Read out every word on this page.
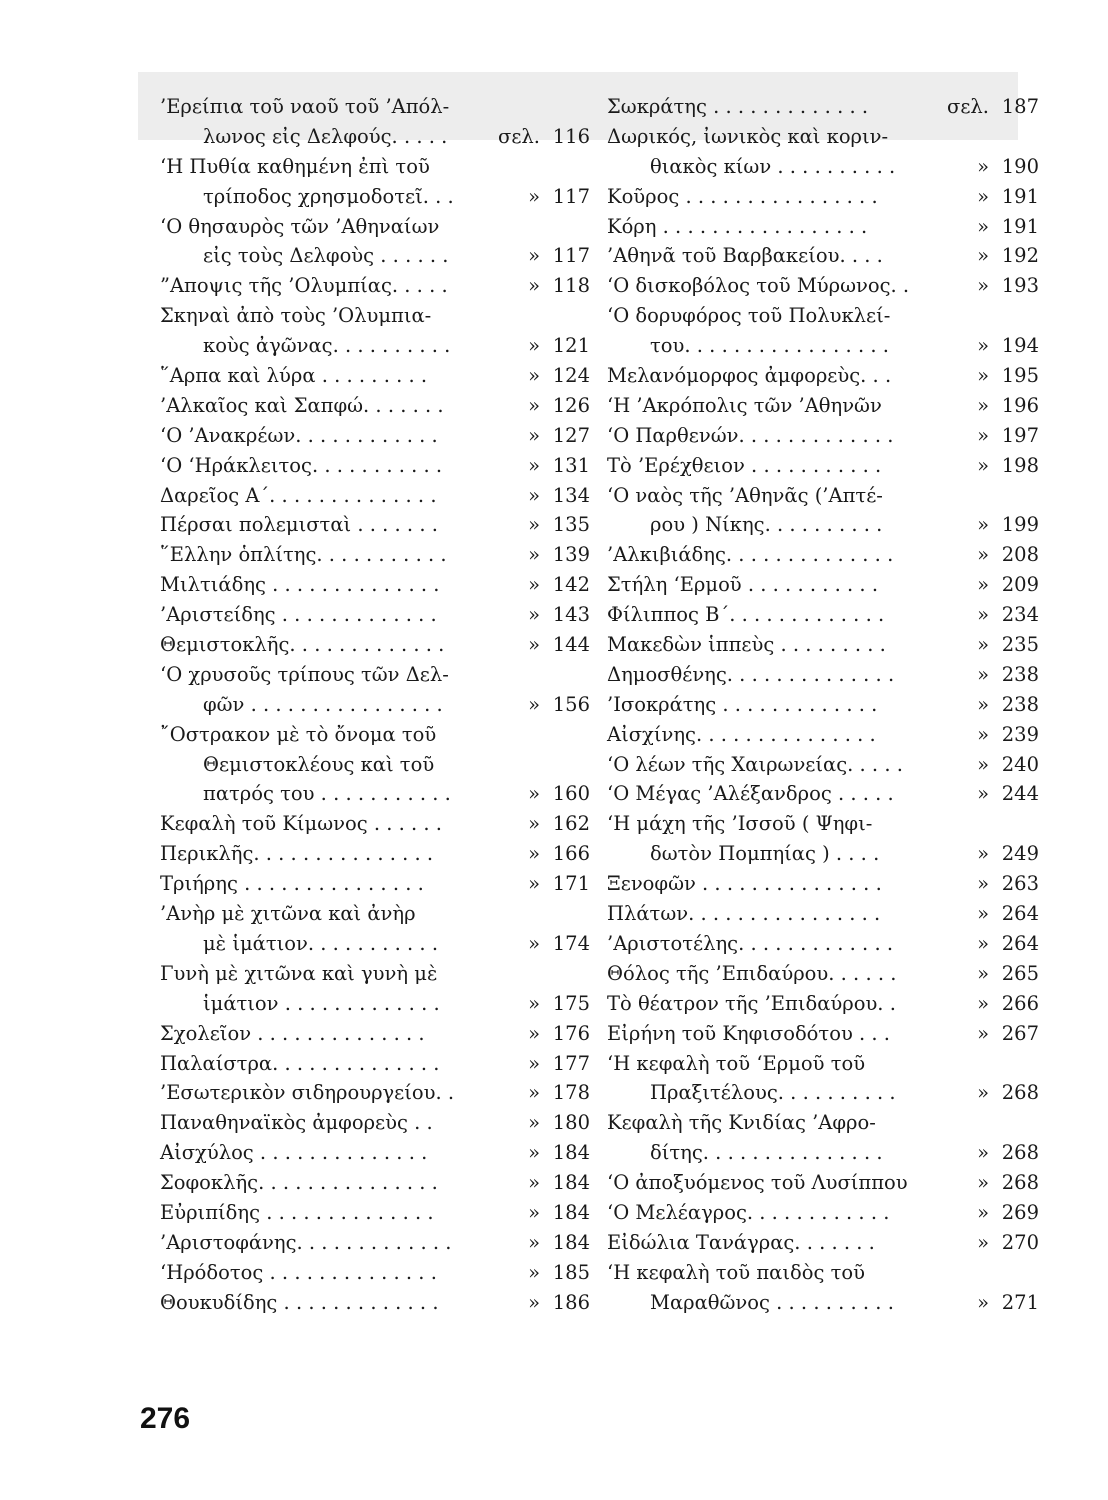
’Ερείπια τοῦ ναοῦ τοῦ ’Απόλ-
λωνος εἰς Δελφούς. . . . .	σελ. 116
‘Η Πυθία καθημένη ἐπὶ τοῦ
τρίποδος χρησμοδοτεῖ. . .	» 117
‘Ο θησαυρὸς τῶν ’Αθηναίων
εἰς τοὺς Δελφοὺς . . . . . .	» 117
”Αποψις τῆς ’Ολυμπίας. . . . .	» 118
Σκηναὶ ἀπὸ τοὺς ’Ολυμπια-
κοὺς ἀγῶνας. . . . . . . . . .	» 121
῞Αρπα καὶ λύρα . . . . . . . . .	» 124
’Αλκαῖος καὶ Σαπφώ. . . . . . .	» 126
‘Ο ’Ανακρέων. . . . . . . . . . . .	» 127
‘Ο ‘Ηράκλειτος. . . . . . . . . . .	» 131
Δαρεῖος Α΄. . . . . . . . . . . . . .	» 134
Πέρσαι πολεμισταὶ . . . . . . .	» 135
῞Ελλην ὁπλίτης. . . . . . . . . . .	» 139
Μιλτιάδης . . . . . . . . . . . . . .	» 142
’Αριστείδης . . . . . . . . . . . . .	» 143
Θεμιστοκλῆς. . . . . . . . . . . . .	» 144
‘Ο χρυσοῦς τρίπους τῶν Δελ-
φῶν . . . . . . . . . . . . . . . .	» 156
῎Οστρακον μὲ τὸ ὄνομα τοῦ
Θεμιστοκλέους καὶ τοῦ
πατρός του . . . . . . . . . . .	» 160
Κεφαλὴ τοῦ Κίμωνος . . . . . .	» 162
Περικλῆς. . . . . . . . . . . . . . .	» 166
Τριήρης . . . . . . . . . . . . . . .	» 171
’Ανὴρ μὲ χιτῶνα καὶ ἀνὴρ
μὲ ἱμάτιον. . . . . . . . . . .	» 174
Γυνὴ μὲ χιτῶνα καὶ γυνὴ μὲ
ἱμάτιον . . . . . . . . . . . . .	» 175
Σχολεῖον . . . . . . . . . . . . . .	» 176
Παλαίστρα. . . . . . . . . . . . . .	» 177
’Εσωτερικὸν σιδηρουργείου. .	» 178
Παναθηναϊκὸς ἀμφορεὺς . .	» 180
Αἰσχύλος . . . . . . . . . . . . . .	» 184
Σοφοκλῆς. . . . . . . . . . . . . . .	» 184
Εὐριπίδης . . . . . . . . . . . . . .	» 184
’Αριστοφάνης. . . . . . . . . . . . .	» 184
‘Ηρόδοτος . . . . . . . . . . . . . .	» 185
Θουκυδίδης . . . . . . . . . . . . .	» 186
Σωκράτης . . . . . . . . . . . . .	σελ. 187
Δωρικός, ἰωνικὸς καὶ κοριν-
θιακὸς κίων . . . . . . . . . .	» 190
Κοῦρος . . . . . . . . . . . . . . . .	» 191
Κόρη . . . . . . . . . . . . . . . . .	» 191
’Αθηνᾶ τοῦ Βαρβακείου. . . .	» 192
‘Ο δισκοβόλος τοῦ Μύρωνος. .	» 193
‘Ο δορυφόρος τοῦ Πολυκλεί-
του. . . . . . . . . . . . . . . . .	» 194
Μελανόμορφος ἀμφορεὺς. . .	» 195
‘Η ’Ακρόπολις τῶν ’Αθηνῶν	» 196
‘Ο Παρθενών. . . . . . . . . . . . .	» 197
Τὸ ’Ερέχθειον . . . . . . . . . . .	» 198
‘Ο ναὸς τῆς ’Αθηνᾶς (’Απτέ-
ρου ) Νίκης. . . . . . . . . .	» 199
’Αλκιβιάδης. . . . . . . . . . . . . .	» 208
Στήλη ‘Ερμοῦ . . . . . . . . . . .	» 209
Φίλιππος Β΄. . . . . . . . . . . . .	» 234
Μακεδὼν ἱππεὺς . . . . . . . . .	» 235
Δημοσθένης. . . . . . . . . . . . . .	» 238
’Ισοκράτης . . . . . . . . . . . . .	» 238
Αἰσχίνης. . . . . . . . . . . . . . .	» 239
‘Ο λέων τῆς Χαιρωνείας. . . . .	» 240
‘Ο Μέγας ’Αλέξανδρος . . . . .	» 244
‘Η μάχη τῆς ’Ισσοῦ ( Ψηφι-
δωτὸν Πομπηίας ) . . . .	» 249
Ξενοφῶν . . . . . . . . . . . . . . .	» 263
Πλάτων. . . . . . . . . . . . . . . .	» 264
’Αριστοτέλης. . . . . . . . . . . . .	» 264
Θόλος τῆς ’Επιδαύρου. . . . . .	» 265
Τὸ θέατρον τῆς ’Επιδαύρου. .	» 266
Εἰρήνη τοῦ Κηφισοδότου . . .	» 267
‘Η κεφαλὴ τοῦ ‘Ερμοῦ τοῦ
Πραξιτέλους. . . . . . . . . .	» 268
Κεφαλὴ τῆς Κνιδίας ’Αφρο-
δίτης. . . . . . . . . . . . . . .	» 268
‘Ο ἀποξυόμενος τοῦ Λυσίππου	» 268
‘Ο Μελέαγρος. . . . . . . . . . . .	» 269
Εἰδώλια Τανάγρας. . . . . . .	» 270
‘Η κεφαλὴ τοῦ παιδὸς τοῦ
Μαραθῶνος . . . . . . . . . .	» 271
276
